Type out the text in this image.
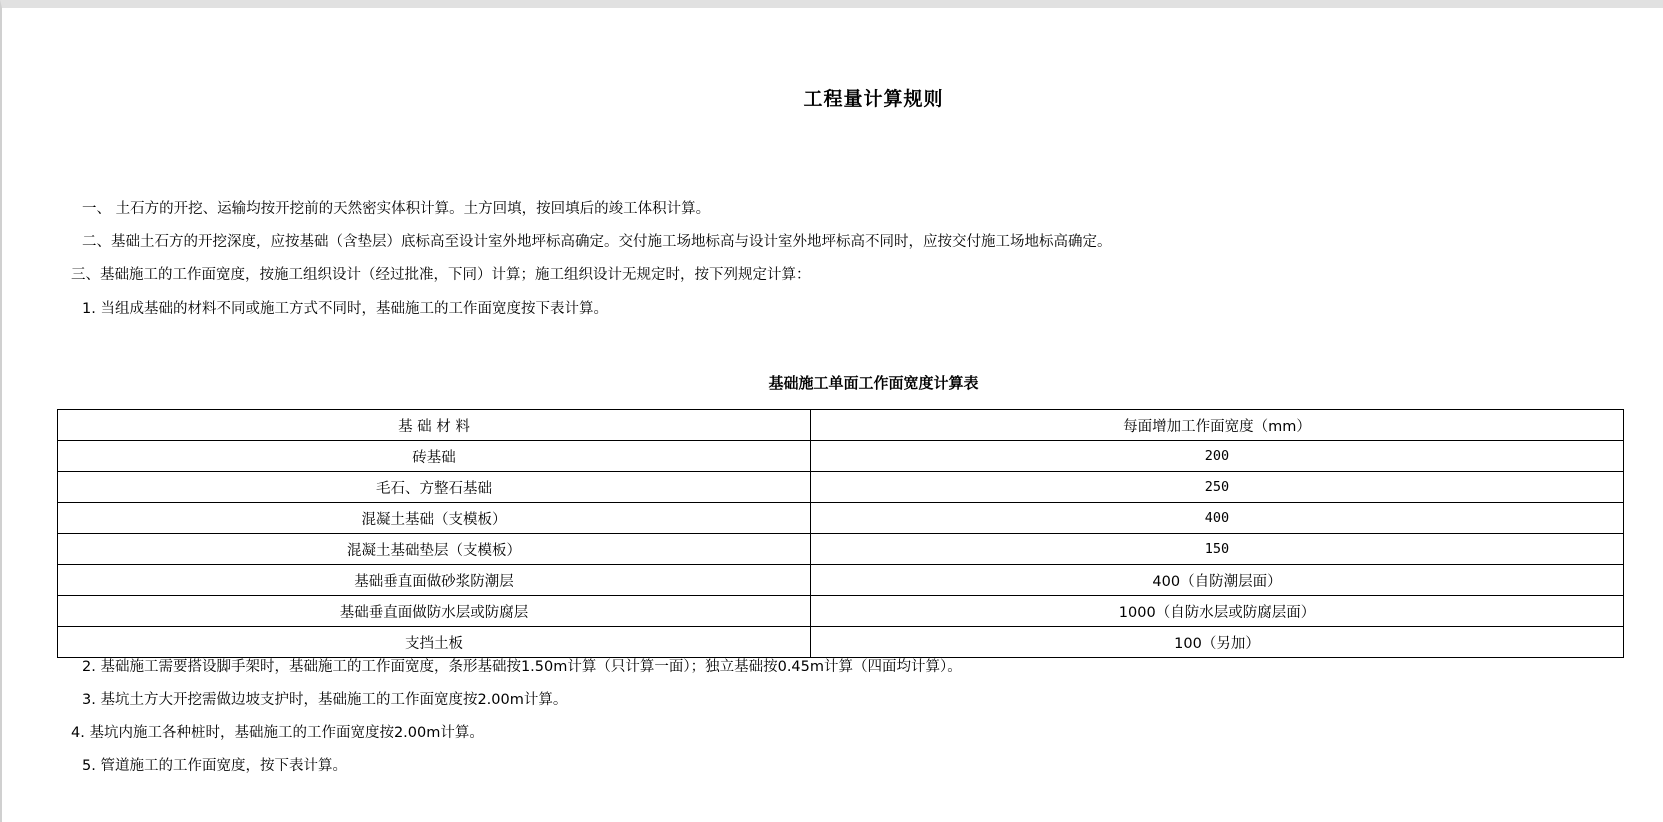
工程量计算规则
一、 土石方的开挖、运输均按开挖前的天然密实体积计算。土方回填，按回填后的竣工体积计算。
二、基础土石方的开挖深度，应按基础（含垫层）底标高至设计室外地坪标高确定。交付施工场地标高与设计室外地坪标高不同时，应按交付施工场地标高确定。
三、基础施工的工作面宽度，按施工组织设计（经过批准，下同）计算；施工组织设计无规定时，按下列规定计算：
1. 当组成基础的材料不同或施工方式不同时，基础施工的工作面宽度按下表计算。
基础施工单面工作面宽度计算表
基 础 材 料	每面增加工作面宽度（mm）
砖基础	200
毛石、方整石基础	250
混凝土基础（支模板）	400
混凝土基础垫层（支模板）	150
基础垂直面做砂浆防潮层	400（自防潮层面）
基础垂直面做防水层或防腐层	1000（自防水层或防腐层面）
支挡土板	100（另加）
2. 基础施工需要搭设脚手架时，基础施工的工作面宽度，条形基础按1.50m计算（只计算一面）；独立基础按0.45m计算（四面均计算）。
3. 基坑土方大开挖需做边坡支护时，基础施工的工作面宽度按2.00m计算。
4. 基坑内施工各种桩时，基础施工的工作面宽度按2.00m计算。
5. 管道施工的工作面宽度，按下表计算。
